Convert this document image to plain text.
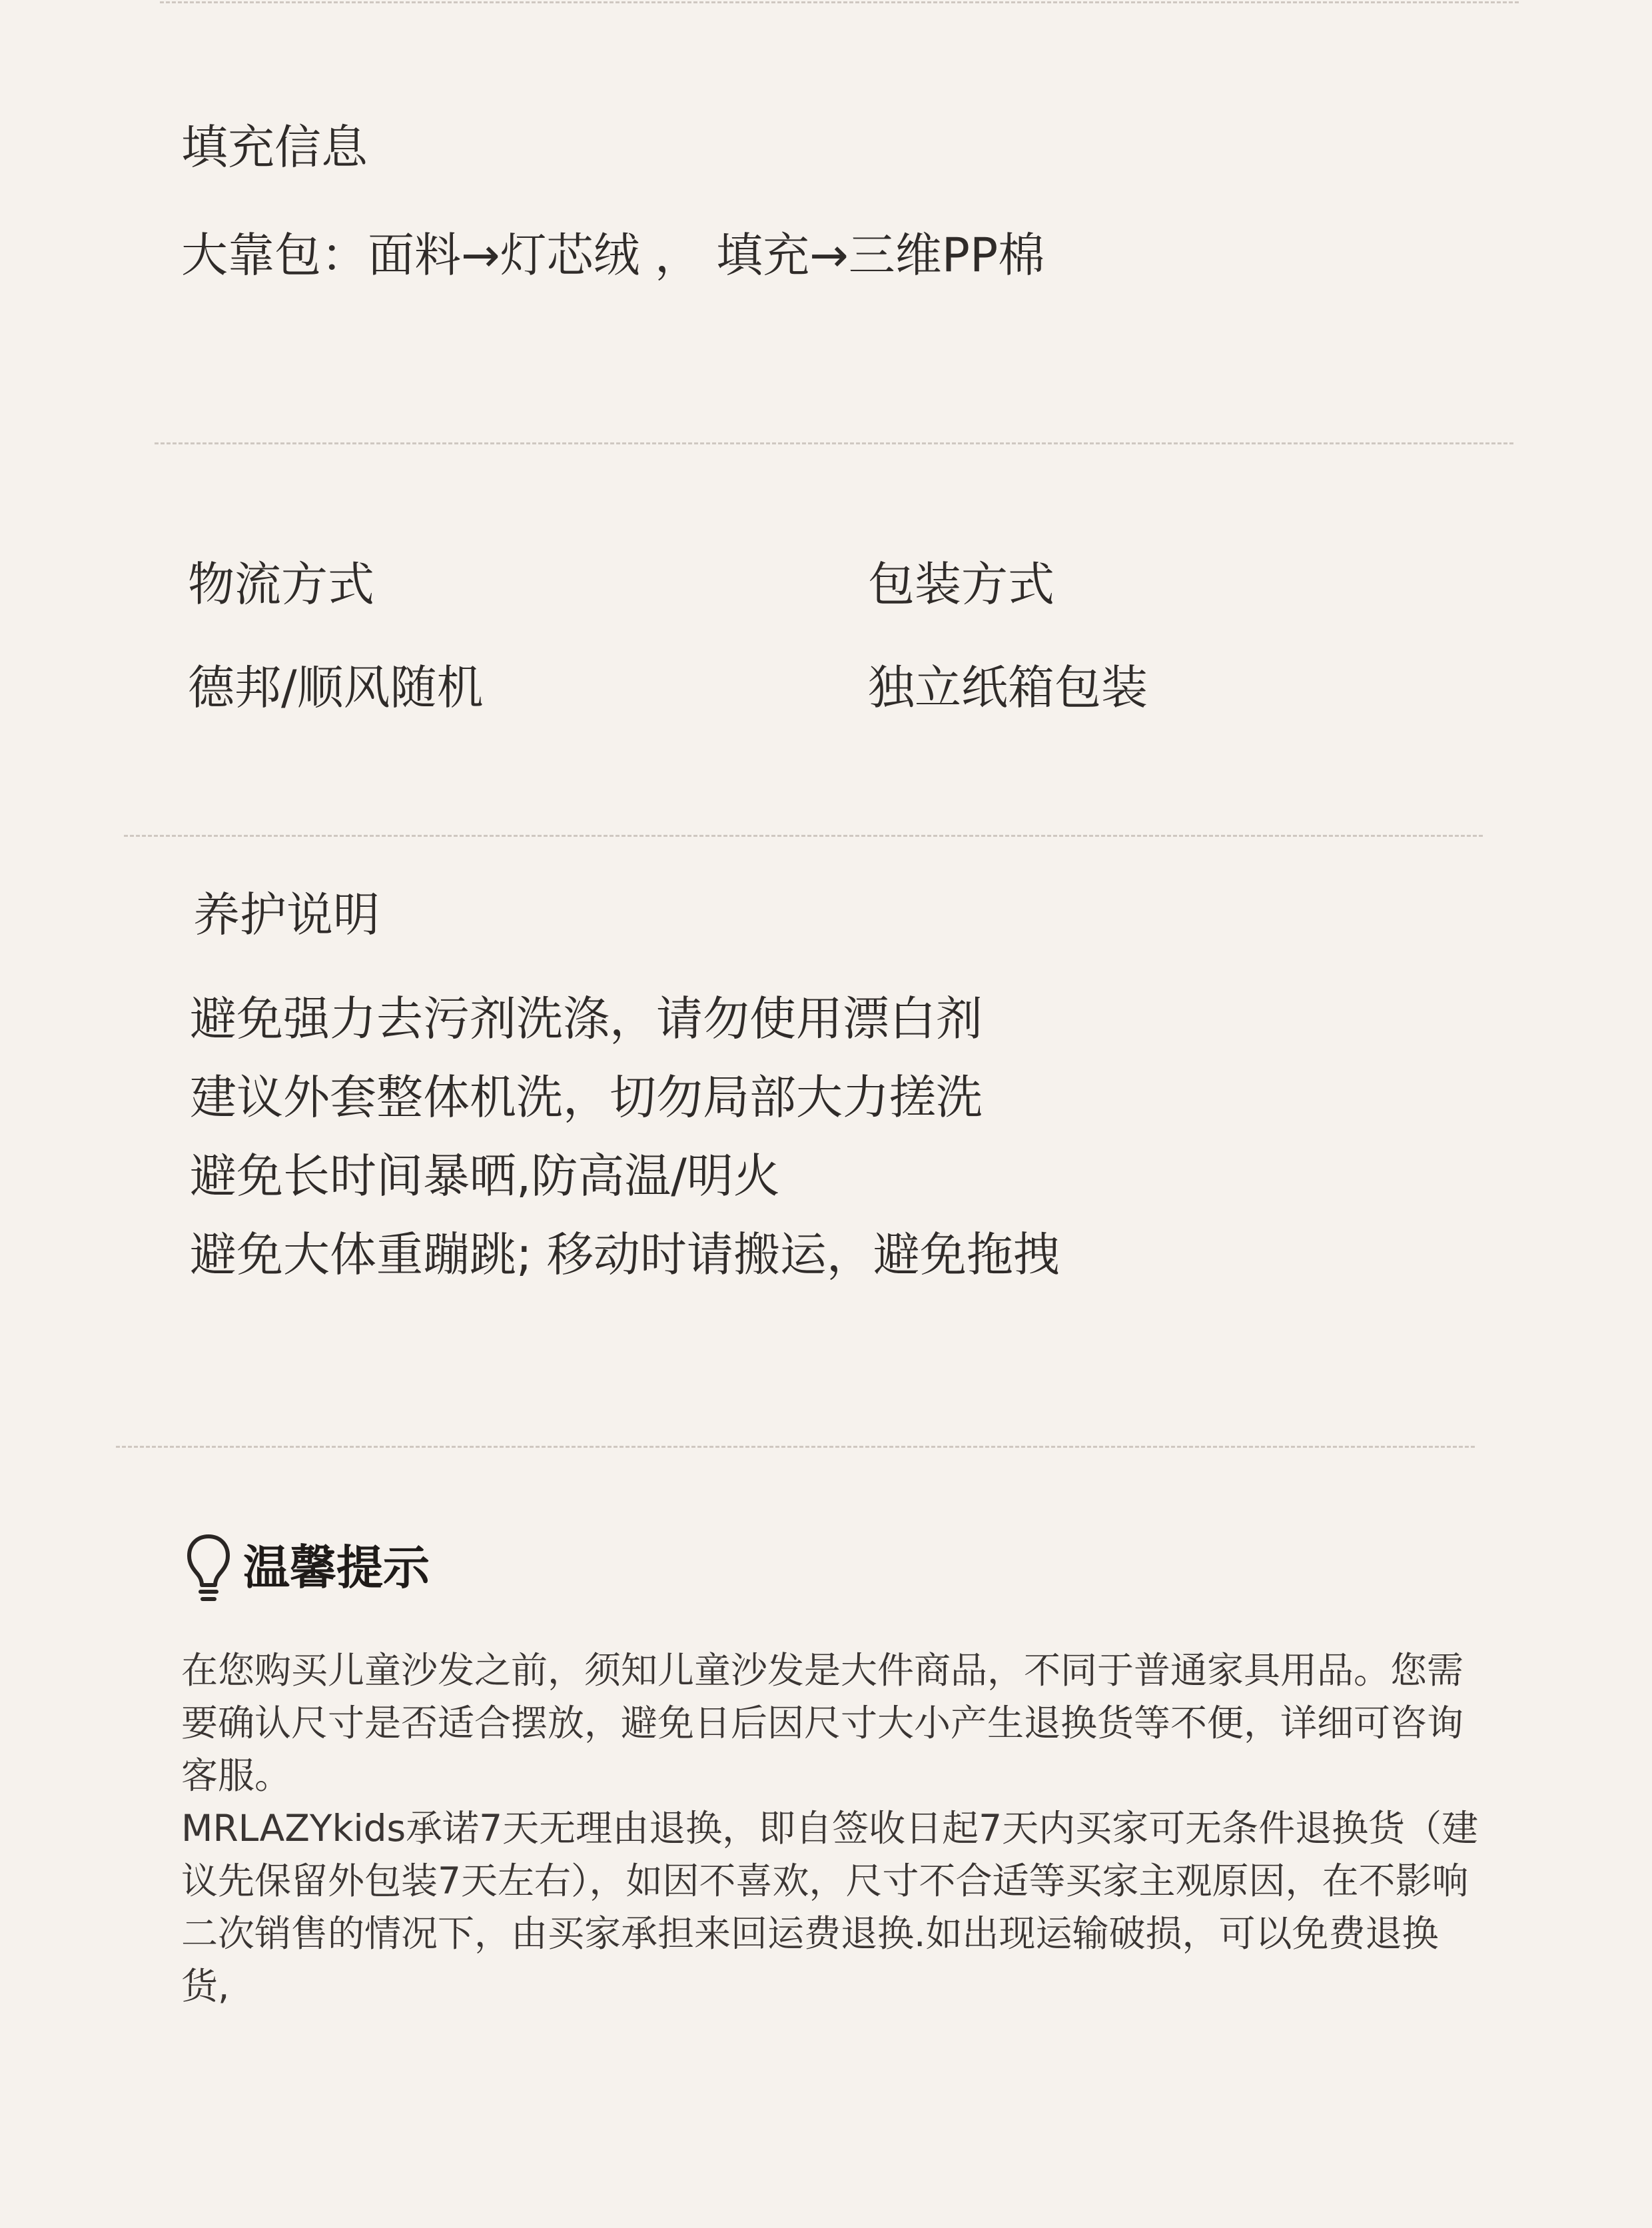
填充信息

大靠包：面料→灯芯绒 ， 填充→三维PP棉

物流方式

德邦/顺风随机

包装方式

独立纸箱包装

养护说明

避免强力去污剂洗涤，请勿使用漂白剂

建议外套整体机洗，切勿局部大力搓洗

避免长时间暴晒,防高温/明火

避免大体重蹦跳; 移动时请搬运，避免拖拽

温馨提示

在您购买儿童沙发之前，须知儿童沙发是大件商品，不同于普通家具用品。您需要确认尺寸是否适合摆放，避免日后因尺寸大小产生退换货等不便，详细可咨询客服。

MRLAZYkids承诺7天无理由退换，即自签收日起7天内买家可无条件退换货（建议先保留外包装7天左右），如因不喜欢，尺寸不合适等买家主观原因，在不影响二次销售的情况下，由买家承担来回运费退换.如出现运输破损，可以免费退换货,
